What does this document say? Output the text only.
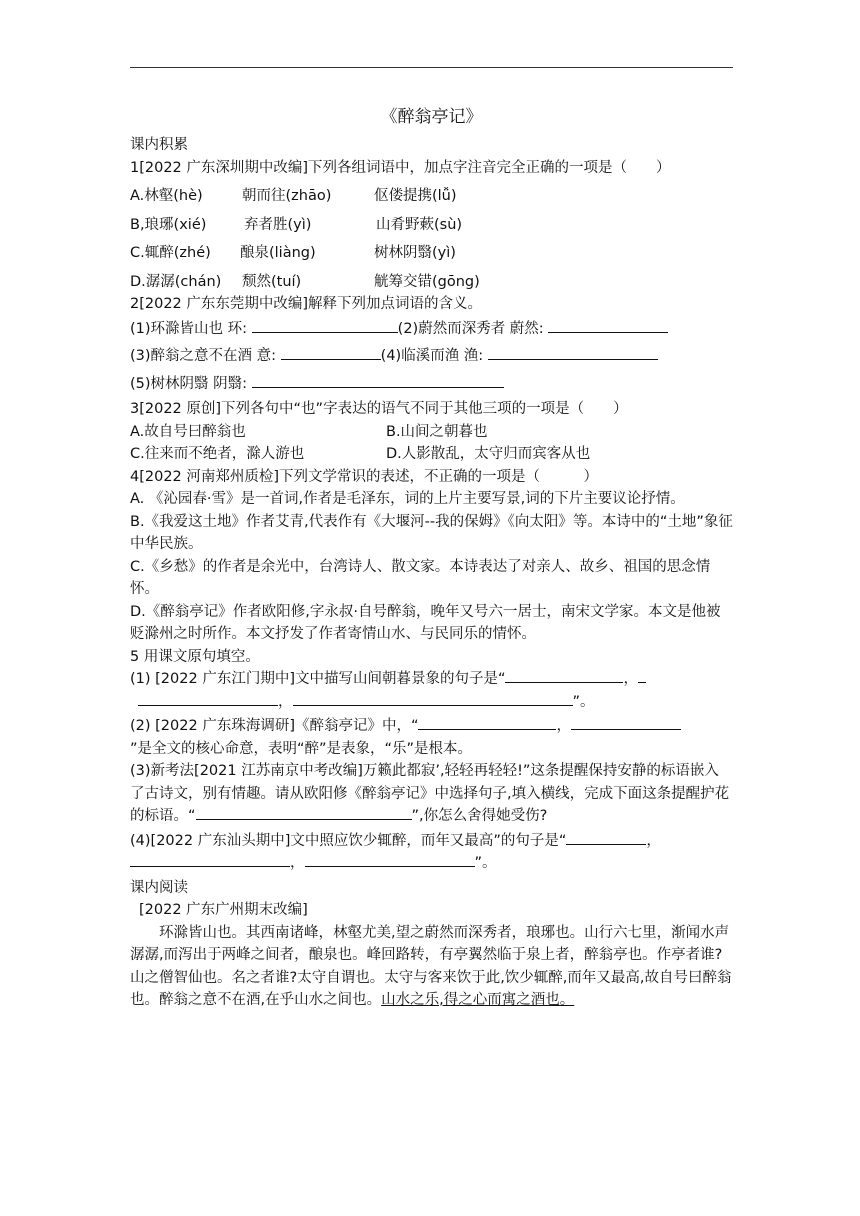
《醉翁亭记》
课内积累
1[2022 广东深圳期中改编]下列各组词语中，加点字注音完全正确的一项是（　　）
A.林壑(hè)	朝而往(zhāo)	伛偻提携(lǚ)
B,琅琊(xié)	弃者胜(yì)	山肴野蔌(sù)
C.辄醉(zhé) 酿泉(liàng)	树林阴翳(yì)
D.潺潺(chán) 颓然(tuí)	觥筹交错(gōng)
2[2022 广东东莞期中改编]解释下列加点词语的含义。
(1)环滁皆山也 环:	(2)蔚然而深秀者 蔚然:
(3)醉翁之意不在酒 意:	(4)临溪而渔 渔:
(5)树林阴翳 阴翳:
3[2022 原创]下列各句中“也”字表达的语气不同于其他三项的一项是（　　）
A.故自号曰醉翁也	B.山间之朝暮也
C.往来而不绝者，滁人游也	D.人影散乱，太守归而宾客从也
4[2022 河南郑州质检]下列文学常识的表述，不正确的一项是（　　　）
A. 《沁园春·雪》是一首词,作者是毛泽东，词的上片主要写景,词的下片主要议论抒情。
B.《我爱这土地》作者艾青,代表作有《大堰河--我的保姆》《向太阳》等。本诗中的“土地”象征中华民族。
C.《乡愁》的作者是余光中，台湾诗人、散文家。本诗表达了对亲人、故乡、祖国的思念情怀。
D.《醉翁亭记》作者欧阳修,字永叔·自号醉翁，晚年又号六一居士，南宋文学家。本文是他被贬滁州之时所作。本文抒发了作者寄情山水、与民同乐的情怀。
5 用课文原句填空。
(1) [2022 广东江门期中]文中描写山间朝暮景象的句子是“	，
，	”。
(2) [2022 广东珠海调研]《醉翁亭记》中，“	，
”是全文的核心命意，表明“醉”是表象，“乐”是根本。
(3)新考法[2021 江苏南京中考改编]万籁此都寂’,轻轻再轻轻!”这条提醒保持安静的标语嵌入了古诗文，别有情趣。请从欧阳修《醉翁亭记》中选择句子,填入横线，完成下面这条提醒护花的标语。“	”,你怎么舍得她受伤?
(4)[2022 广东汕头期中]文中照应饮少辄醉，而年又最高”的句子是“	，
，	”。
课内阅读
[2022 广东广州期末改编]
环滁皆山也。其西南诸峰，林壑尤美,望之蔚然而深秀者，琅琊也。山行六七里，渐闻水声潺潺,而泻出于两峰之间者，酿泉也。峰回路转，有亭翼然临于泉上者，醉翁亭也。作亭者谁?山之僧智仙也。名之者谁?太守自谓也。太守与客来饮于此,饮少辄醉,而年又最高,故自号曰醉翁也。醉翁之意不在酒,在乎山水之间也。山水之乐,得之心而寓之酒也。
